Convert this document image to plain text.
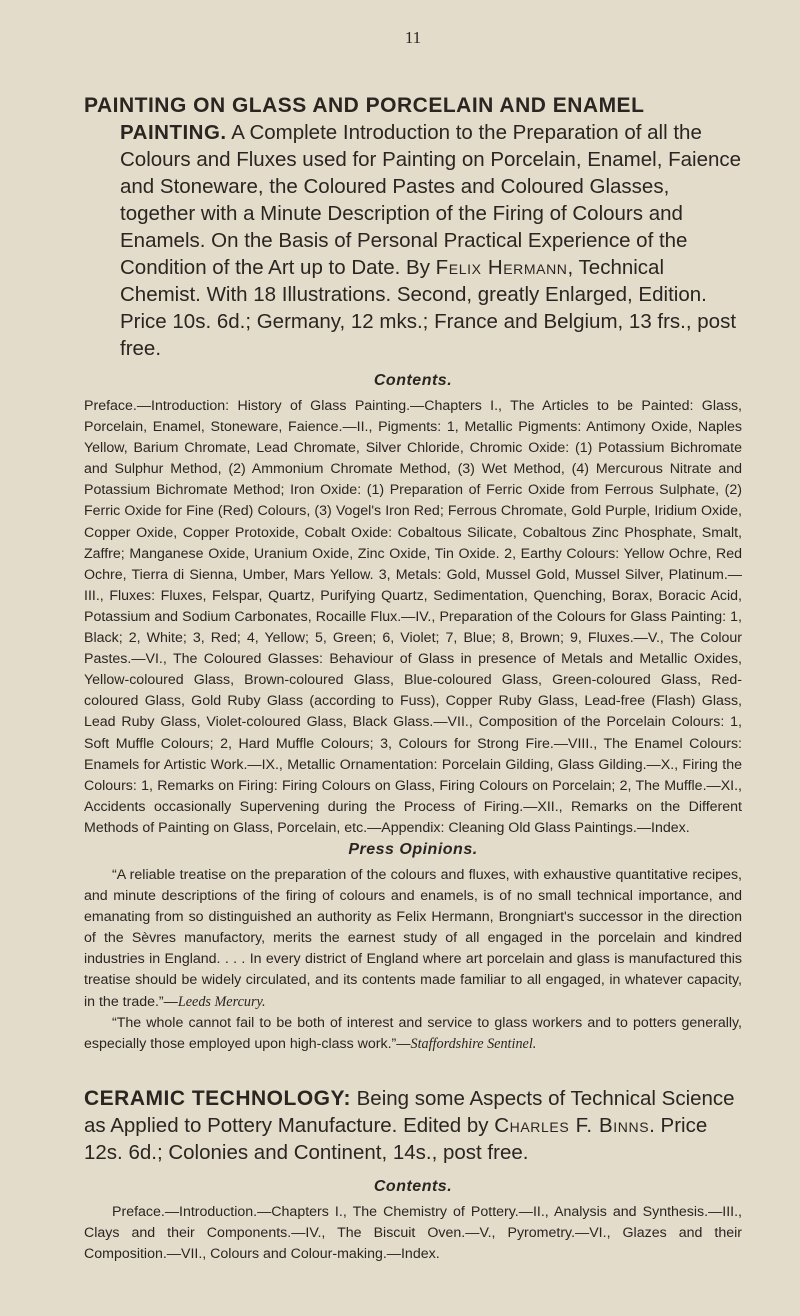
11
PAINTING ON GLASS AND PORCELAIN AND ENAMEL
PAINTING. A Complete Introduction to the Preparation of all the Colours and Fluxes used for Painting on Porcelain, Enamel, Faience and Stoneware, the Coloured Pastes and Coloured Glasses, together with a Minute Description of the Firing of Colours and Enamels. On the Basis of Personal Practical Experience of the Condition of the Art up to Date. By Felix Hermann, Technical Chemist. With 18 Illustrations. Second, greatly Enlarged, Edition. Price 10s. 6d.; Germany, 12 mks.; France and Belgium, 13 frs., post free.
Contents.

Preface.—Introduction: History of Glass Painting.—Chapters I., The Articles to be Painted: Glass, Porcelain, Enamel, Stoneware, Faience.—II., Pigments: 1, Metallic Pigments: Antimony Oxide, Naples Yellow, Barium Chromate, Lead Chromate, Silver Chloride, Chromic Oxide: (1) Potassium Bichromate and Sulphur Method, (2) Ammonium Chromate Method, (3) Wet Method, (4) Mercurous Nitrate and Potassium Bichromate Method; Iron Oxide: (1) Preparation of Ferric Oxide from Ferrous Sulphate, (2) Ferric Oxide for Fine (Red) Colours, (3) Vogel's Iron Red; Ferrous Chromate, Gold Purple, Iridium Oxide, Copper Oxide, Copper Protoxide, Cobalt Oxide: Cobaltous Silicate, Cobaltous Zinc Phosphate, Smalt, Zaffre; Manganese Oxide, Uranium Oxide, Zinc Oxide, Tin Oxide. 2, Earthy Colours: Yellow Ochre, Red Ochre, Tierra di Sienna, Umber, Mars Yellow. 3, Metals: Gold, Mussel Gold, Mussel Silver, Platinum.—III., Fluxes: Fluxes, Felspar, Quartz, Purifying Quartz, Sedimentation, Quenching, Borax, Boracic Acid, Potassium and Sodium Carbonates, Rocaille Flux.—IV., Preparation of the Colours for Glass Painting: 1, Black; 2, White; 3, Red; 4, Yellow; 5, Green; 6, Violet; 7, Blue; 8, Brown; 9, Fluxes.—V., The Colour Pastes.—VI., The Coloured Glasses: Behaviour of Glass in presence of Metals and Metallic Oxides, Yellow-coloured Glass, Brown-coloured Glass, Blue-coloured Glass, Green-coloured Glass, Red-coloured Glass, Gold Ruby Glass (according to Fuss), Copper Ruby Glass, Lead-free (Flash) Glass, Lead Ruby Glass, Violet-coloured Glass, Black Glass.—VII., Composition of the Porcelain Colours: 1, Soft Muffle Colours; 2, Hard Muffle Colours; 3, Colours for Strong Fire.—VIII., The Enamel Colours: Enamels for Artistic Work.—IX., Metallic Ornamentation: Porcelain Gilding, Glass Gilding.—X., Firing the Colours: 1, Remarks on Firing: Firing Colours on Glass, Firing Colours on Porcelain; 2, The Muffle.—XI., Accidents occasionally Supervening during the Process of Firing.—XII., Remarks on the Different Methods of Painting on Glass, Porcelain, etc.—Appendix: Cleaning Old Glass Paintings.—Index.

Press Opinions.

“A reliable treatise on the preparation of the colours and fluxes, with exhaustive quantitative recipes, and minute descriptions of the firing of colours and enamels, is of no small technical importance, and emanating from so distinguished an authority as Felix Hermann, Brongniart's successor in the direction of the Sèvres manufactory, merits the earnest study of all engaged in the porcelain and kindred industries in England. . . . In every district of England where art porcelain and glass is manufactured this treatise should be widely circulated, and its contents made familiar to all engaged, in whatever capacity, in the trade.”—Leeds Mercury.

“The whole cannot fail to be both of interest and service to glass workers and to potters generally, especially those employed upon high-class work.”—Staffordshire Sentinel.

CERAMIC TECHNOLOGY: Being some Aspects of Technical Science as Applied to Pottery Manufacture. Edited by Charles F. Binns. Price 12s. 6d.; Colonies and Continent, 14s., post free.
Contents.

Preface.—Introduction.—Chapters I., The Chemistry of Pottery.—II., Analysis and Synthesis.—III., Clays and their Components.—IV., The Biscuit Oven.—V., Pyrometry.—VI., Glazes and their Composition.—VII., Colours and Colour-making.—Index.
